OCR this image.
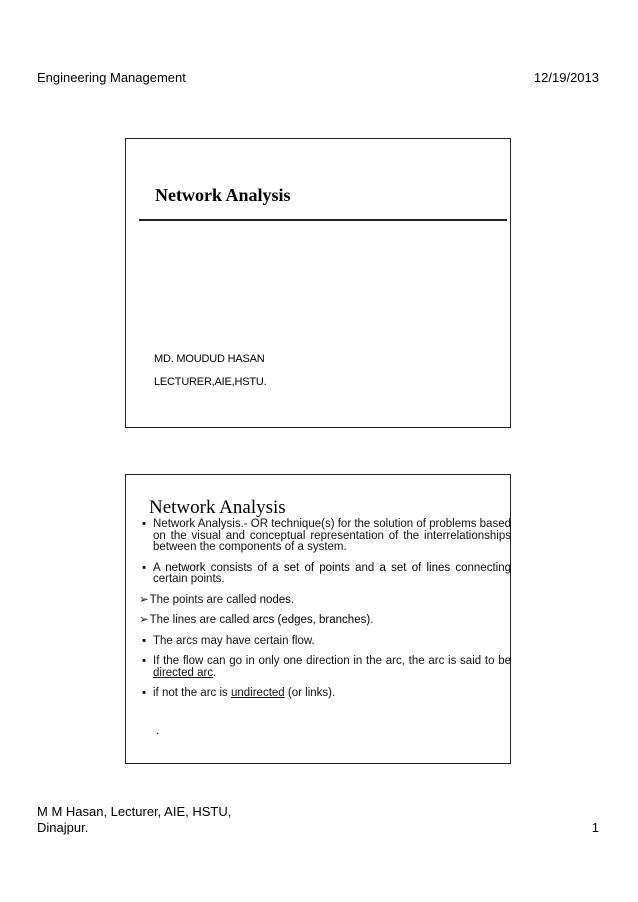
Engineering Management	12/19/2013
Network Analysis
MD. MOUDUD HASAN
LECTURER,AIE,HSTU.
Network Analysis
▪ Network Analysis.- OR technique(s) for the solution of problems based on the visual and conceptual representation of the interrelationships between the components of a system.
▪ A network consists of a set of points and a set of lines connecting certain points.
➢The points are called nodes.
➢The lines are called arcs (edges, branches).
▪ The arcs may have certain flow.
▪ If the flow can go in only one direction in the arc, the arc is said to be directed arc.
▪ if not the arc is undirected (or links).
.
M M Hasan, Lecturer, AIE, HSTU,
Dinajpur.	1
